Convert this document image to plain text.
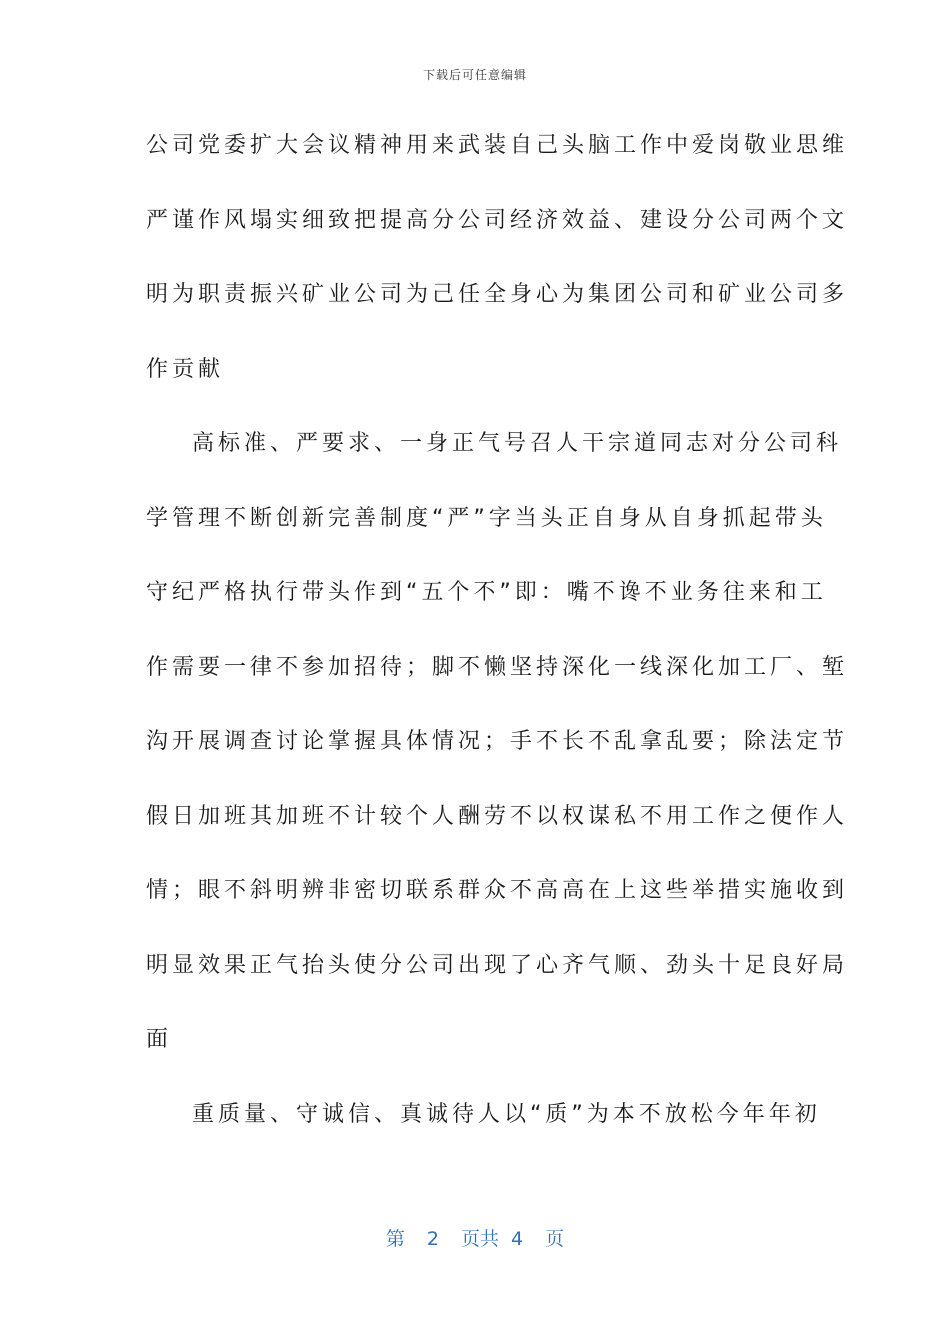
下载后可任意编辑
公司党委扩大会议精神用来武装自己头脑工作中爱岗敬业思维
严谨作风塌实细致把提高分公司经济效益、建设分公司两个文
明为职责振兴矿业公司为己任全身心为集团公司和矿业公司多
作贡献
高标准、严要求、一身正气号召人干宗道同志对分公司科
学管理不断创新完善制度“严”字当头正自身从自身抓起带头
守纪严格执行带头作到“五个不”即：嘴不谗不业务往来和工
作需要一律不参加招待；脚不懒坚持深化一线深化加工厂、堑
沟开展调查讨论掌握具体情况；手不长不乱拿乱要；除法定节
假日加班其加班不计较个人酬劳不以权谋私不用工作之便作人
情；眼不斜明辨非密切联系群众不高高在上这些举措实施收到
明显效果正气抬头使分公司出现了心齐气顺、劲头十足良好局
面
重质量、守诚信、真诚待人以“质”为本不放松今年年初
第 2 页共 4 页
